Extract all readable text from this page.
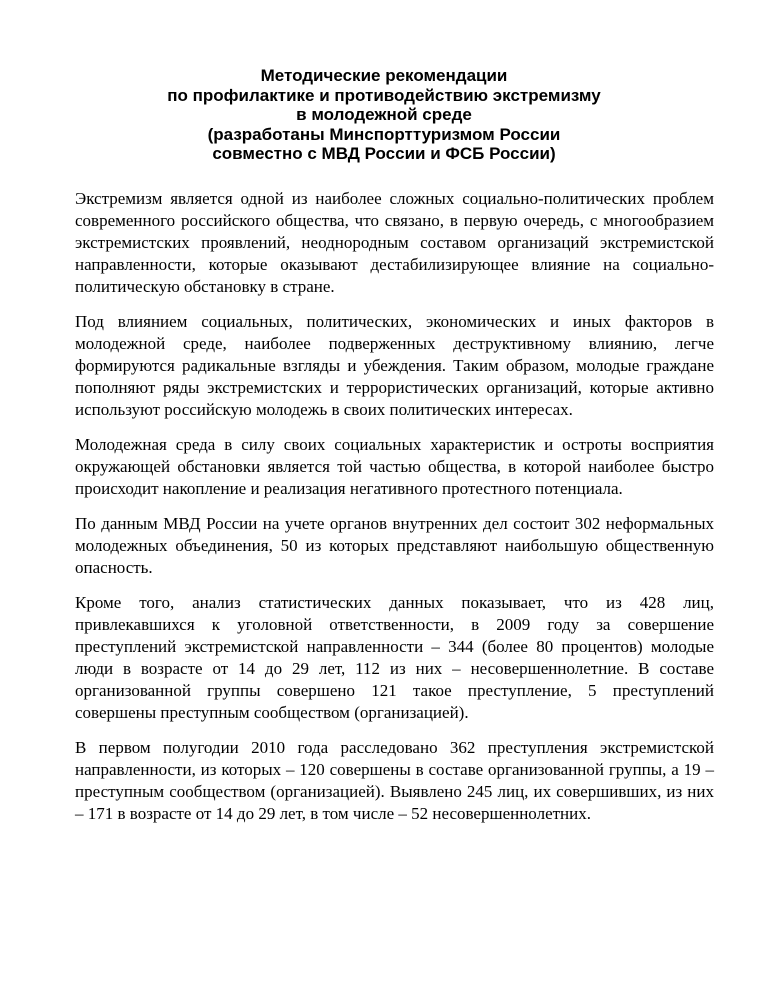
Методические рекомендации
по профилактике и противодействию экстремизму
в молодежной среде
(разработаны Минспорттуризмом России
совместно с МВД России и ФСБ России)

Экстремизм является одной из наиболее сложных социально-политических проблем современного российского общества, что связано, в первую очередь, с многообразием экстремистских проявлений, неоднородным составом организаций экстремистской направленности, которые оказывают дестабилизирующее влияние на социально-политическую обстановку в стране.

Под влиянием социальных, политических, экономических и иных факторов в молодежной среде, наиболее подверженных деструктивному влиянию, легче формируются радикальные взгляды и убеждения. Таким образом, молодые граждане пополняют ряды экстремистских и террористических организаций, которые активно используют российскую молодежь в своих политических интересах.

Молодежная среда в силу своих социальных характеристик и остроты восприятия окружающей обстановки является той частью общества, в которой наиболее быстро происходит накопление и реализация негативного протестного потенциала.

По данным МВД России на учете органов внутренних дел состоит 302 неформальных молодежных объединения, 50 из которых представляют наибольшую общественную опасность.

Кроме того, анализ статистических данных показывает, что из 428 лиц, привлекавшихся к уголовной ответственности, в 2009 году за совершение преступлений экстремистской направленности – 344 (более 80 процентов) молодые люди в возрасте от 14 до 29 лет, 112 из них – несовершеннолетние. В составе организованной группы совершено 121 такое преступление, 5 преступлений совершены преступным сообществом (организацией).

В первом полугодии 2010 года расследовано 362 преступления экстремистской направленности, из которых – 120 совершены в составе организованной группы, а 19 – преступным сообществом (организацией). Выявлено 245 лиц, их совершивших, из них – 171 в возрасте от 14 до 29 лет, в том числе – 52 несовершеннолетних.
